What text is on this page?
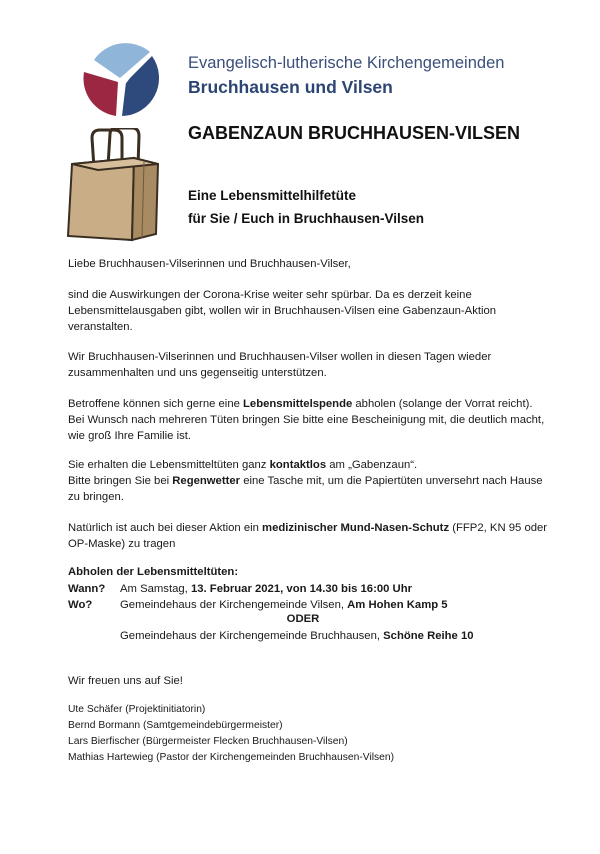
Evangelisch-lutherische Kirchengemeinden
Bruchhausen und Vilsen
GABENZAUN BRUCHHAUSEN-VILSEN
Eine Lebensmittelhilfetüte
für Sie / Euch in Bruchhausen-Vilsen
Liebe Bruchhausen-Vilserinnen und Bruchhausen-Vilser,
sind die Auswirkungen der Corona-Krise weiter sehr spürbar. Da es derzeit keine Lebensmittelausgaben gibt, wollen wir in Bruchhausen-Vilsen eine Gabenzaun-Aktion veranstalten.
Wir Bruchhausen-Vilserinnen und Bruchhausen-Vilser wollen in diesen Tagen wieder zusammenhalten und uns gegenseitig unterstützen.
Betroffene können sich gerne eine Lebensmittelspende abholen (solange der Vorrat reicht). Bei Wunsch nach mehreren Tüten bringen Sie bitte eine Bescheinigung mit, die deutlich macht, wie groß Ihre Familie ist.
Sie erhalten die Lebensmitteltüten ganz kontaktlos am „Gabenzaun“.
Bitte bringen Sie bei Regenwetter eine Tasche mit, um die Papiertüten unversehrt nach Hause zu bringen.
Natürlich ist auch bei dieser Aktion ein medizinischer Mund-Nasen-Schutz (FFP2, KN 95 oder OP-Maske) zu tragen
Abholen der Lebensmitteltüten:
Wann? Am Samstag, 13. Februar 2021, von 14.30 bis 16:00 Uhr
Wo? Gemeindehaus der Kirchengemeinde Vilsen, Am Hohen Kamp 5
ODER
Gemeindehaus der Kirchengemeinde Bruchhausen, Schöne Reihe 10
Wir freuen uns auf Sie!
Ute Schäfer (Projektinitiatorin)
Bernd Bormann (Samtgemeindebürgermeister)
Lars Bierfischer (Bürgermeister Flecken Bruchhausen-Vilsen)
Mathias Hartewieg (Pastor der Kirchengemeinden Bruchhausen-Vilsen)
